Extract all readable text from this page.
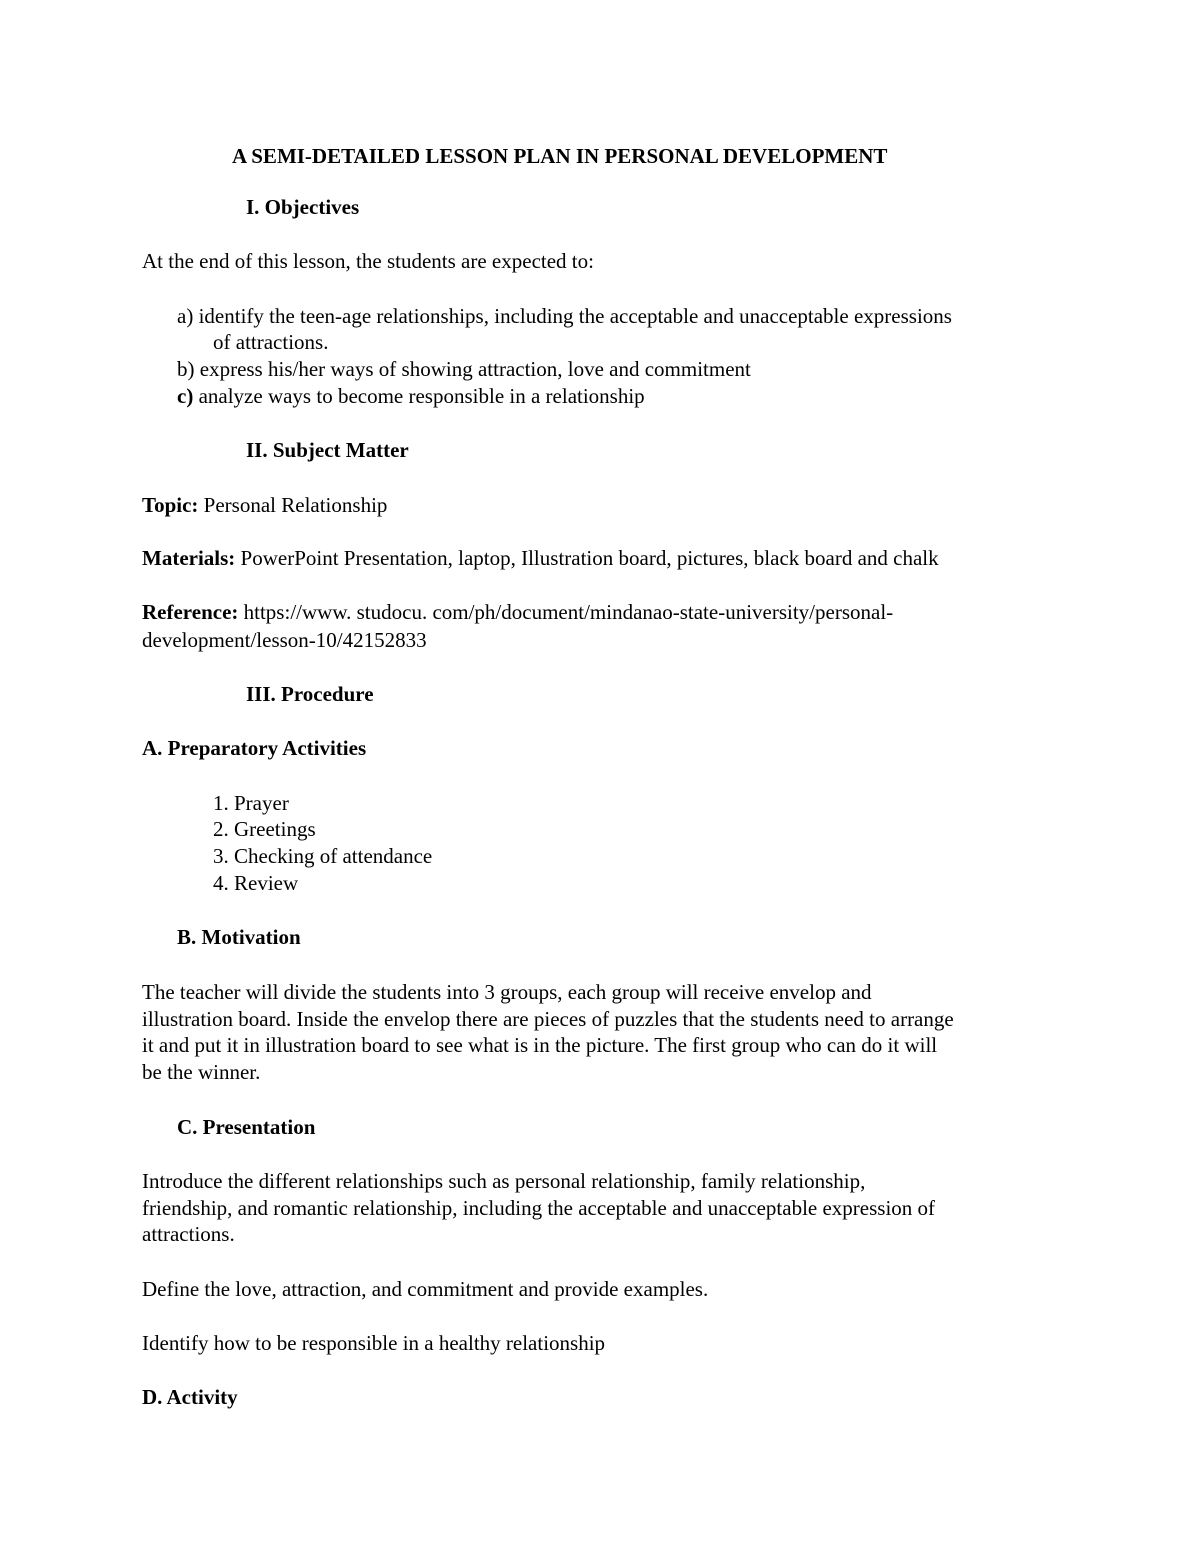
A SEMI-DETAILED LESSON PLAN IN PERSONAL DEVELOPMENT
I. Objectives
At the end of this lesson, the students are expected to:
a) identify the teen-age relationships, including the acceptable and unacceptable expressions
of attractions.
b) express his/her ways of showing attraction, love and commitment
c) analyze ways to become responsible in a relationship
II. Subject Matter
Topic: Personal Relationship
Materials: PowerPoint Presentation, laptop, Illustration board, pictures, black board and chalk
Reference: https://www. studocu. com/ph/document/mindanao-state-university/personal-
development/lesson-10/42152833
III. Procedure
A. Preparatory Activities
1. Prayer
2. Greetings
3. Checking of attendance
4. Review
B. Motivation
The teacher will divide the students into 3 groups, each group will receive envelop and
illustration board. Inside the envelop there are pieces of puzzles that the students need to arrange
it and put it in illustration board to see what is in the picture. The first group who can do it will
be the winner.
C. Presentation
Introduce the different relationships such as personal relationship, family relationship,
friendship, and romantic relationship, including the acceptable and unacceptable expression of
attractions.
Define the love, attraction, and commitment and provide examples.
Identify how to be responsible in a healthy relationship
D. Activity
